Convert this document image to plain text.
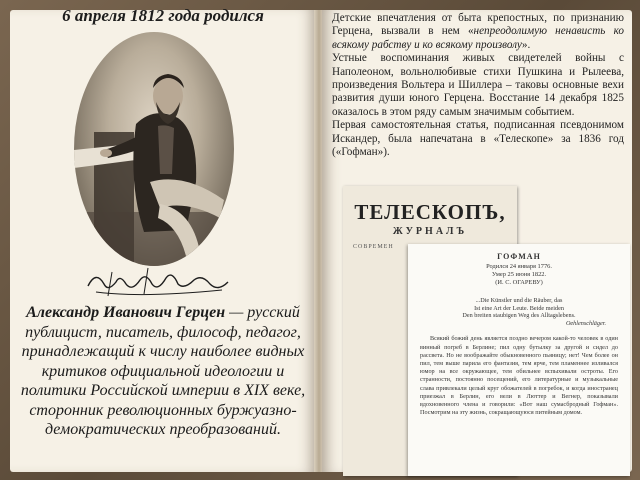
6 апреля 1812 года родился
Александр Иванович Герцен — русский публицист, писатель, философ, педагог, принадлежащий к числу наиболее видных критиков официальной идеологии и политики Российской империи в XIX веке, сторонник революционных буржуазно-демократических преобразований.

Детские впечатления от быта крепостных, по признанию Герцена, вызвали в нем «непреодолимую ненависть ко всякому рабству и ко всякому произволу».

Устные воспоминания живых свидетелей войны с Наполеоном, вольнолюбивые стихи Пушкина и Рылеева, произведения Вольтера и Шиллера – таковы основные вехи развития души юного Герцена. Восстание 14 декабря 1825 оказалось в этом ряду самым значимым событием.

Первая самостоятельная статья, подписанная псевдонимом Искандер, была напечатана в «Телескопе» за 1836 год («Гофман»).

ТЕЛЕСКОПЪ,
ЖУРНАЛЪ
СОВРЕМЕН
ГОФМАН
Родился 24 января 1776.
Умер 25 июня 1822.
(И. С. ОГАРЕВУ)
...Die Künstler und die Räuber, das
Ist eine Art der Leute. Beide meiden
Den breiten staubigen Weg des Alltagslebens.
Oehlenschläger.
Всякий божий день является поздно вечером какой-то человек в один винный погреб в Берлине; пил одну бутылку за другой и сидел до рассвета. Но не воображайте обыкновенного пьяницу; нет! Чем более он пил, тем выше парила его фантазия, тем ярче, тем пламеннее изливался юмор на все окружающее, тем обильнее вспыхивали остроты. Его странности, постоянно посещений, его литературные и музыкальные слава привлекали целый круг обожателей в погребок, и когда иностранец приезжал в Берлин, его вели в Люттер и Вегнер, показывали вдохновенного члена и говорили: «Вот наш сумасбродный Гофман». Посмотрим на эту жизнь, сокращающуюся питейным домом.
